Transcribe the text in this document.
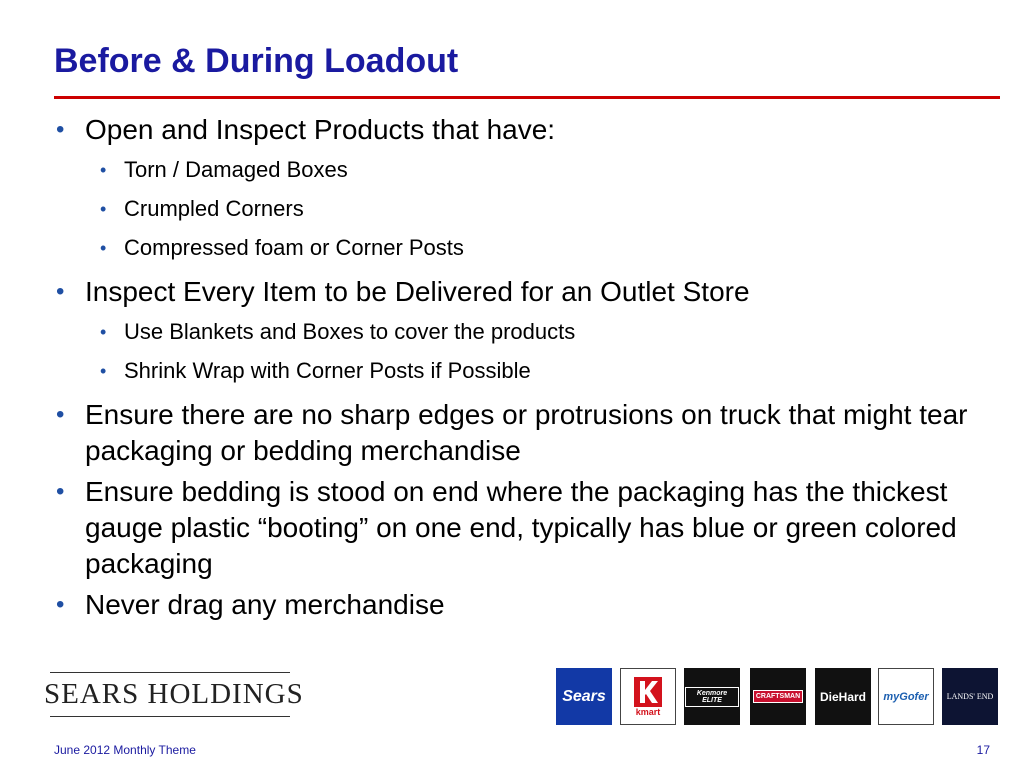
Before & During Loadout
• Open and Inspect Products that have:
• Torn / Damaged Boxes
• Crumpled Corners
• Compressed foam or Corner Posts
• Inspect Every Item to be Delivered for an Outlet Store
• Use Blankets and Boxes to cover the products
• Shrink Wrap with Corner Posts if Possible
• Ensure there are no sharp edges or protrusions on truck that might tear packaging or bedding merchandise
• Ensure bedding is stood on end where the packaging has the thickest gauge plastic “booting” on one end, typically has blue or green colored packaging
• Never drag any merchandise
SEARS HOLDINGS	Sears
kmart
Kenmore ELITE	CRAFTSMAN DieHard myGofer LANDS' END
June 2012 Monthly Theme	17
